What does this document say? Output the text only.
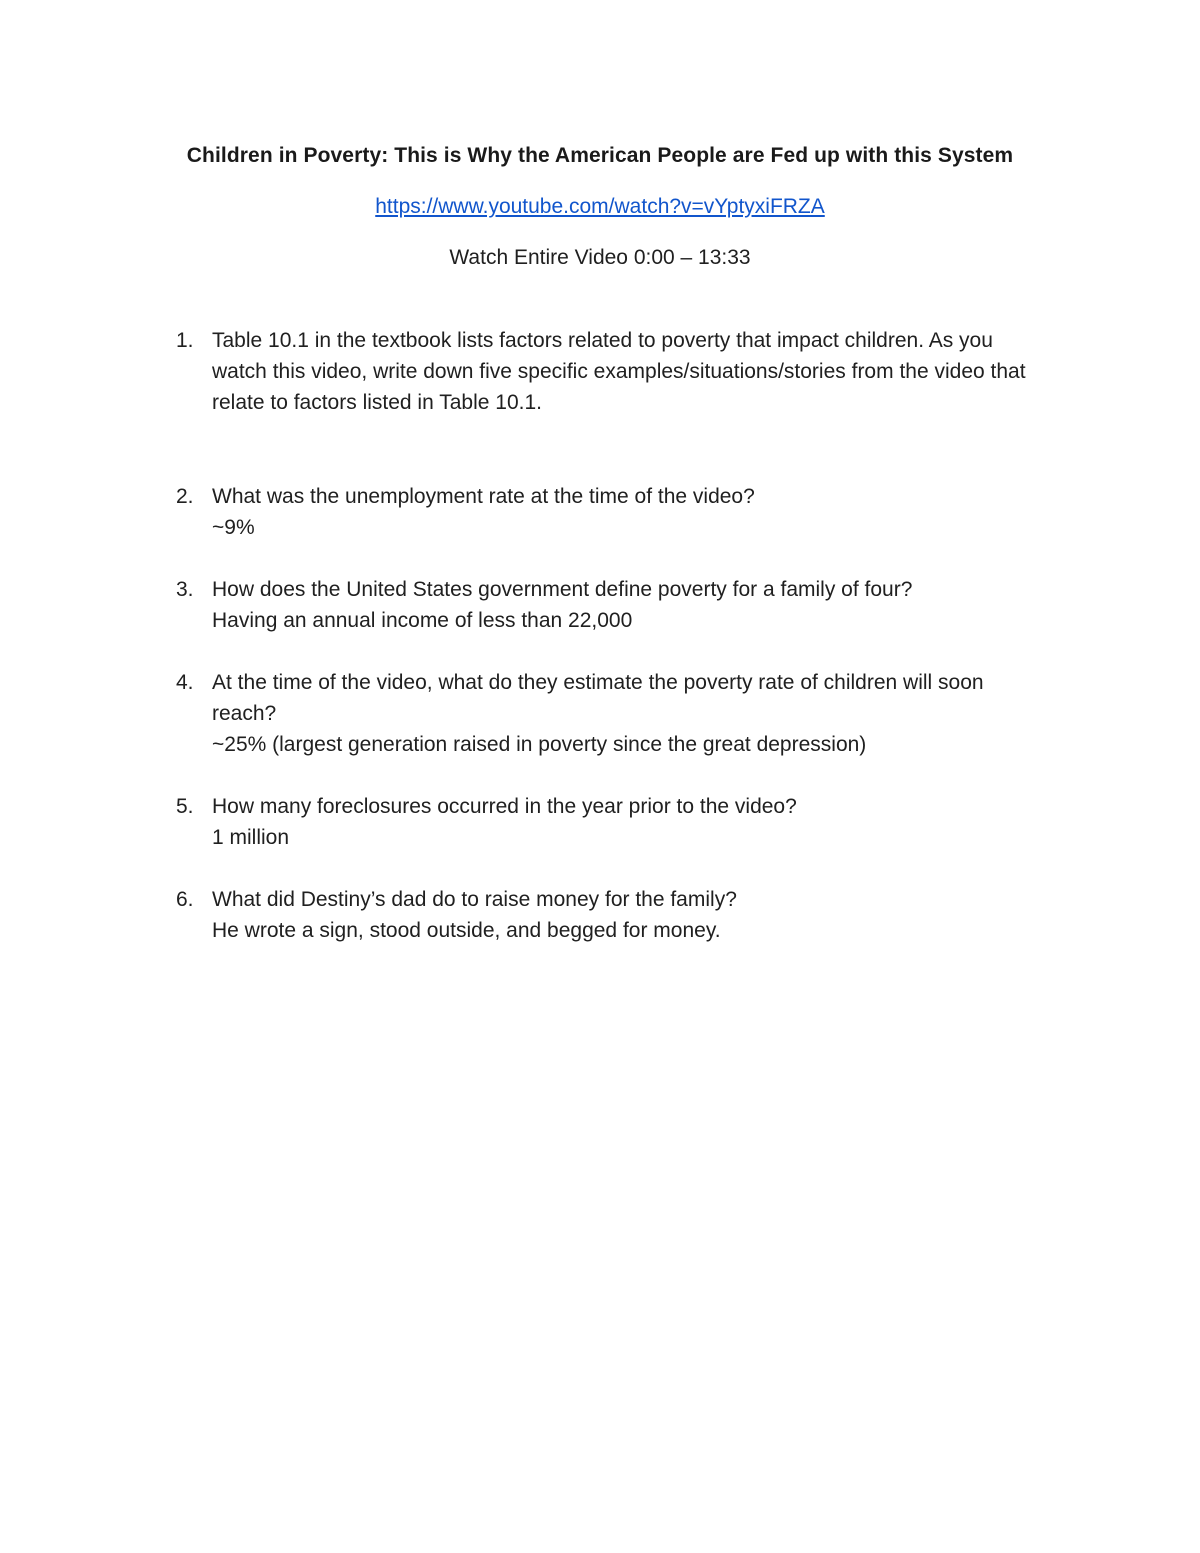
Children in Poverty: This is Why the American People are Fed up with this System
https://www.youtube.com/watch?v=vYptyxiFRZA
Watch Entire Video 0:00 – 13:33
1. Table 10.1 in the textbook lists factors related to poverty that impact children. As you watch this video, write down five specific examples/situations/stories from the video that relate to factors listed in Table 10.1.
2. What was the unemployment rate at the time of the video?
~9%
3. How does the United States government define poverty for a family of four?
Having an annual income of less than 22,000
4. At the time of the video, what do they estimate the poverty rate of children will soon reach?
~25% (largest generation raised in poverty since the great depression)
5. How many foreclosures occurred in the year prior to the video?
1 million
6. What did Destiny’s dad do to raise money for the family?
He wrote a sign, stood outside, and begged for money.
